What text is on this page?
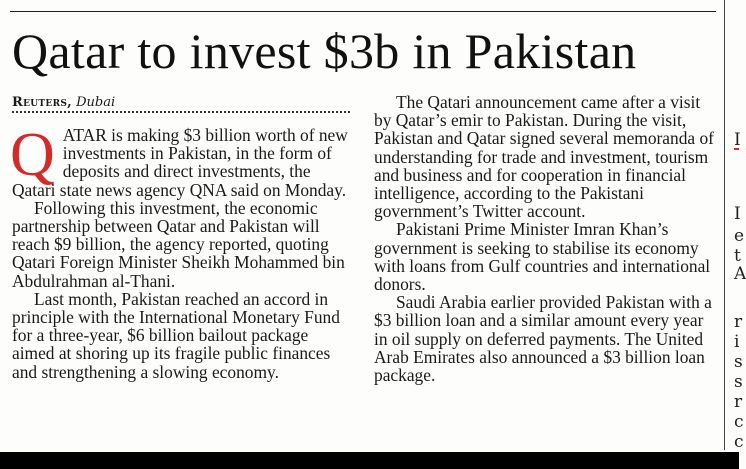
Qatar to invest $3b in Pakistan
Reuters, Dubai

QATAR is making $3 billion worth of new investments in Pakistan, in the form of deposits and direct investments, the Qatari state news agency QNA said on Monday.

Following this investment, the economic partnership between Qatar and Pakistan will reach $9 billion, the agency reported, quoting Qatari Foreign Minister Sheikh Mohammed bin Abdulrahman al-Thani.

Last month, Pakistan reached an accord in principle with the International Monetary Fund for a three-year, $6 billion bailout package aimed at shoring up its fragile public finances and strengthening a slowing economy.

The Qatari announcement came after a visit by Qatar’s emir to Pakistan. During the visit, Pakistan and Qatar signed several memoranda of understanding for trade and investment, tourism and business and for cooperation in financial intelligence, according to the Pakistani government’s Twitter account.

Pakistani Prime Minister Imran Khan’s government is seeking to stabilise its economy with loans from Gulf countries and international donors.

Saudi Arabia earlier provided Pakistan with a $3 billion loan and a similar amount every year in oil supply on deferred payments. The United Arab Emirates also announced a $3 billion loan package.

I
I
e
t
A
r
i
s
s
r
c
c
